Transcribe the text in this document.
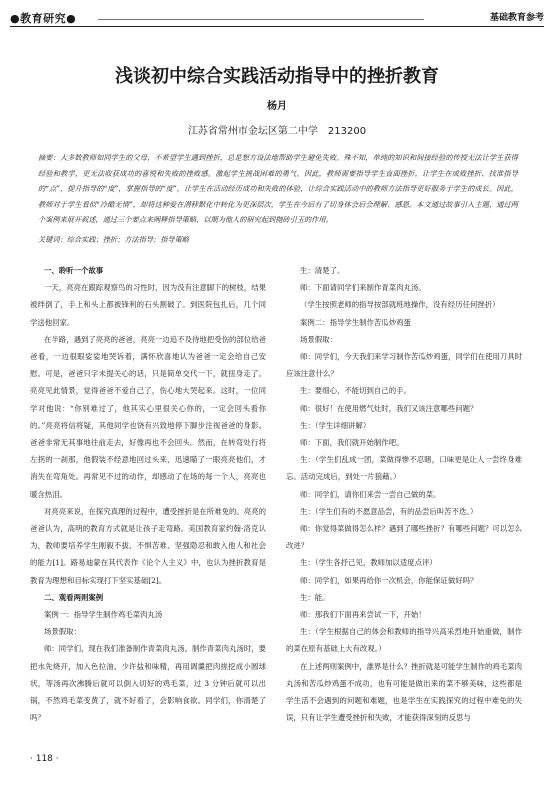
●教育研究●	基础教育参考
浅谈初中综合实践活动指导中的挫折教育
杨月
江苏省常州市金坛区第二中学　213200
摘要：大多数教师如同学生的父母，不希望学生遇到挫折，总是想方设法地帮助学生避免失败。殊不知，单纯的知识和间接经验的传授无法让学生获得经验和教学，更无法收获成功的喜悦和失败的挫败感。激起学生挑战困难的勇气。因此，教师需要指导学生直面挫折，让学生在成败挫折、找准指导的“点”，提升指导的“度”，掌握指导的“度”，让学生在活动经历成功和失败的体验，让综合实践活动中的教师方法指导更好服务于学生的成长。因此，教师对于学生看似“冷酷无情”，却将这种爱在潜移默化中转化为更深层次，学生在今后有了切身体会后会理解、感恩。本文通过故事引入主题，通过两个案例来展开叙述，通过三个要点来阐释指导策略，以期为他人的研究起到抛砖引玉的作用。
关键词：综合实践；挫折；方法指导；指导策略

一、聆听一个故事

一天，亮亮在跟踪观察鸟的习性时，因为没有注意脚下的树枝，结果被绊倒了，手上和头上都被锋利的石头割破了。到医院包扎后，几个同学送他回家。

在半路，遇到了亮亮的爸爸，亮亮一边追不及待地把受伤的部位给爸爸看，一边很眼娑娑地哭诉着，满怀欣喜地认为爸爸一定会给自己安慰。可是，爸爸只字未提关心的话，只是简单交代一下，就扭身走了。亮亮见此情景，觉得爸爸不爱自己了，伤心地大哭起来。这时，一位同学对他说：“你别难过了，他其实心里很关心你的，一定会回头看你的。”亮亮将信将疑，其他同学也饶有兴致地停下脚步注视爸爸的身影。爸爸非常无其事地往前走去，好像再也不会回头。然而，在转弯处行将左拐的一刹那，他假装不经意地回过头来，迅速瞄了一眼亮亮他们，才消失在弯角处。再常见不过的动作，却感动了在场的每一个人，亮亮也暖含热泪。

对亮亮来说，在探究真理的过程中，遭受挫折是在所难免的。亮亮的爸爸认为，高明的教育方式就是让孩子走弯路。美国教育家约翰·洛克认为，教师要培养学生刚毅不拔、不惧苦难、坚强隐忍和敢入他人和社会的能力[1]。路易迪蒙在其代表作《论个人主义》中，也认为挫折教育是教育为理想和目标实现打下坚实基础[2]。

二、观看两则案例

案例一：指导学生制作鸡毛菜肉丸汤

场景假取：

师：同学们，现在我们准备制作青菜肉丸汤。制作青菜肉丸汤时，要把水先烧开，加入色拉油、少许盐和味精，再用调羹把肉搓挖成小圆球状，等汤再次沸腾后就可以倒入切好的鸡毛菜，过 3 分钟后就可以出锅，不然鸡毛菜变黄了，就不好看了，会影响食欲。同学们，你清楚了吗？

生：清楚了。

师：下面请同学们来制作青菜肉丸汤。

（学生按照老师的指导按部就班地操作，没有经历任何挫折）

案例二：指导学生制作苦瓜炒鸡蛋

场景假取：

师：同学们，今天我们来学习制作苦瓜炒鸡蛋，同学们在使用刀具时应该注意什么？

生：要细心，不能切到自己的手。

师：很好！在使用燃气灶时，我们又该注意哪些问题？

生：（学生详细讲解）

师：下面，我们就开始制作吧。

生：（学生们乱成一团，菜做得惨不忍睹，口味更是让人一尝终身难忘。活动完成后，到处一片狼藉。）

师：同学们，请你们来尝一尝自己做的菜。

生：（学生们有的不愿意品尝，有的品尝后叫苦不迭。）

师：你觉得菜做得怎么样？遇到了哪些挫折？有哪些问题？可以怎么改进？

生：（学生各抒己见，教师加以适度点评）

师：同学们，如果再给你一次机会，你能保证做好吗？

生：能。

师：那我们下面再来尝试一下，开始！

生：（学生根据自己的体会和教师的指导兴高采烈地开始重做，制作的菜在原有基础上大有改观。）

在上述两则案例中，誰界是什么？挫折就是可能学生制作的鸡毛菜肉丸汤和苦瓜炒鸡蛋不成功，也有可能是做出来的菜不够美味，这些都是学生活不会遇到的问题和难题，也是学生在实践探究的过程中难免的失误，只有让学生遭受挫折和失败，才能获得深刻的反思与

· 118 ·
